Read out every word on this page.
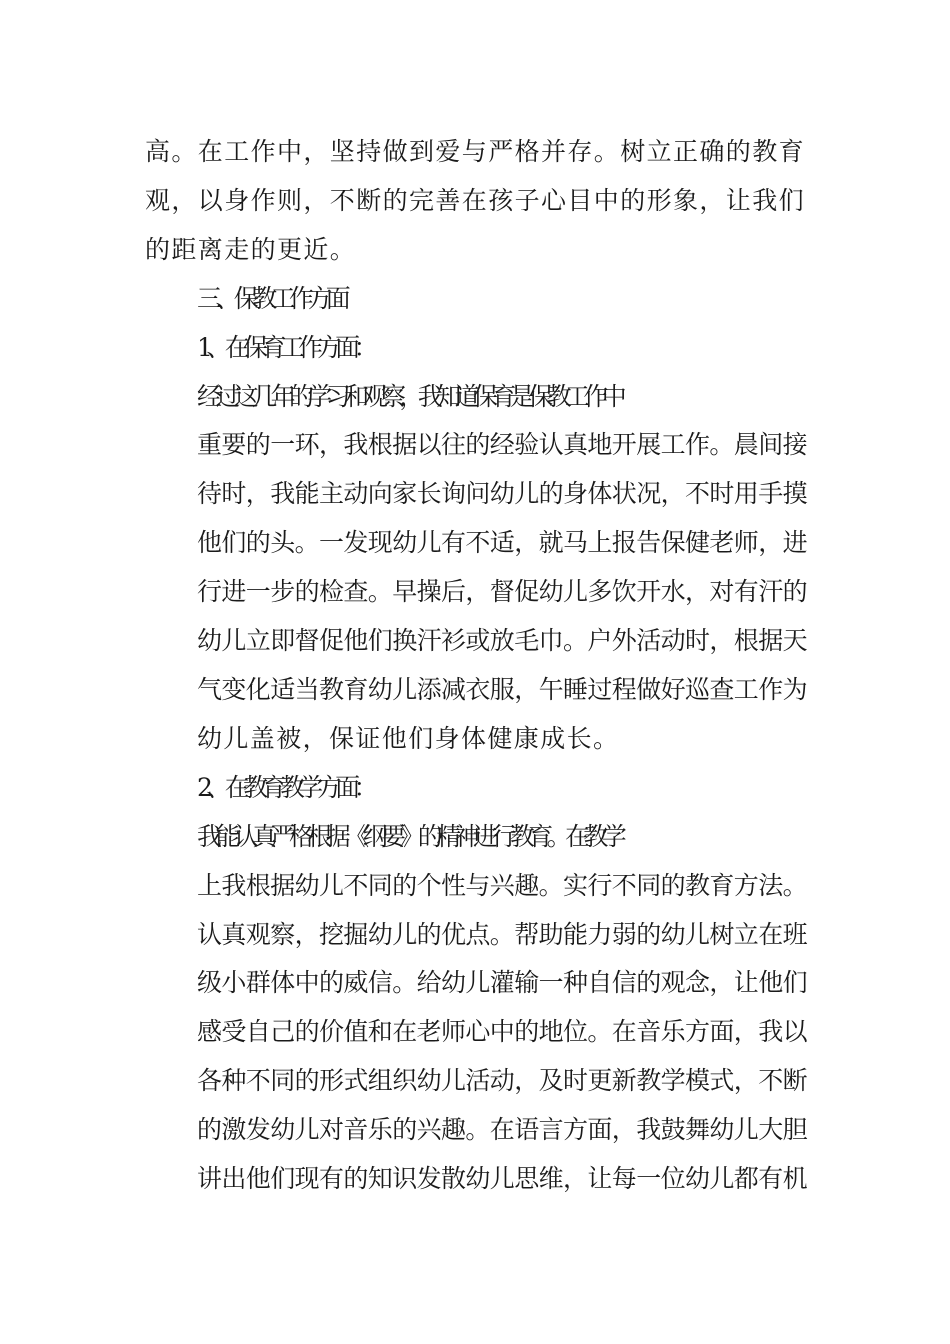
高。在工作中，坚持做到爱与严格并存。树立正确的教育
观，以身作则，不断的完善在孩子心目中的形象，让我们
的距离走的更近。
三、保教工作方面
1、在保育工作方面：
经过这几年的学习和观察，我知道保育是保教工作中
重要的一环，我根据以往的经验认真地开展工作。晨间接
待时，我能主动向家长询问幼儿的身体状况，不时用手摸
他们的头。一发现幼儿有不适，就马上报告保健老师，进
行进一步的检查。早操后，督促幼儿多饮开水，对有汗的
幼儿立即督促他们换汗衫或放毛巾。户外活动时，根据天
气变化适当教育幼儿添减衣服，午睡过程做好巡查工作为
幼儿盖被，保证他们身体健康成长。
2、在教育教学方面：
我能认真严格根据《纲要》的精神进行教育。在教学
上我根据幼儿不同的个性与兴趣。实行不同的教育方法。
认真观察，挖掘幼儿的优点。帮助能力弱的幼儿树立在班
级小群体中的威信。给幼儿灌输一种自信的观念，让他们
感受自己的价值和在老师心中的地位。在音乐方面，我以
各种不同的形式组织幼儿活动，及时更新教学模式，不断
的激发幼儿对音乐的兴趣。在语言方面，我鼓舞幼儿大胆
讲出他们现有的知识发散幼儿思维，让每一位幼儿都有机
